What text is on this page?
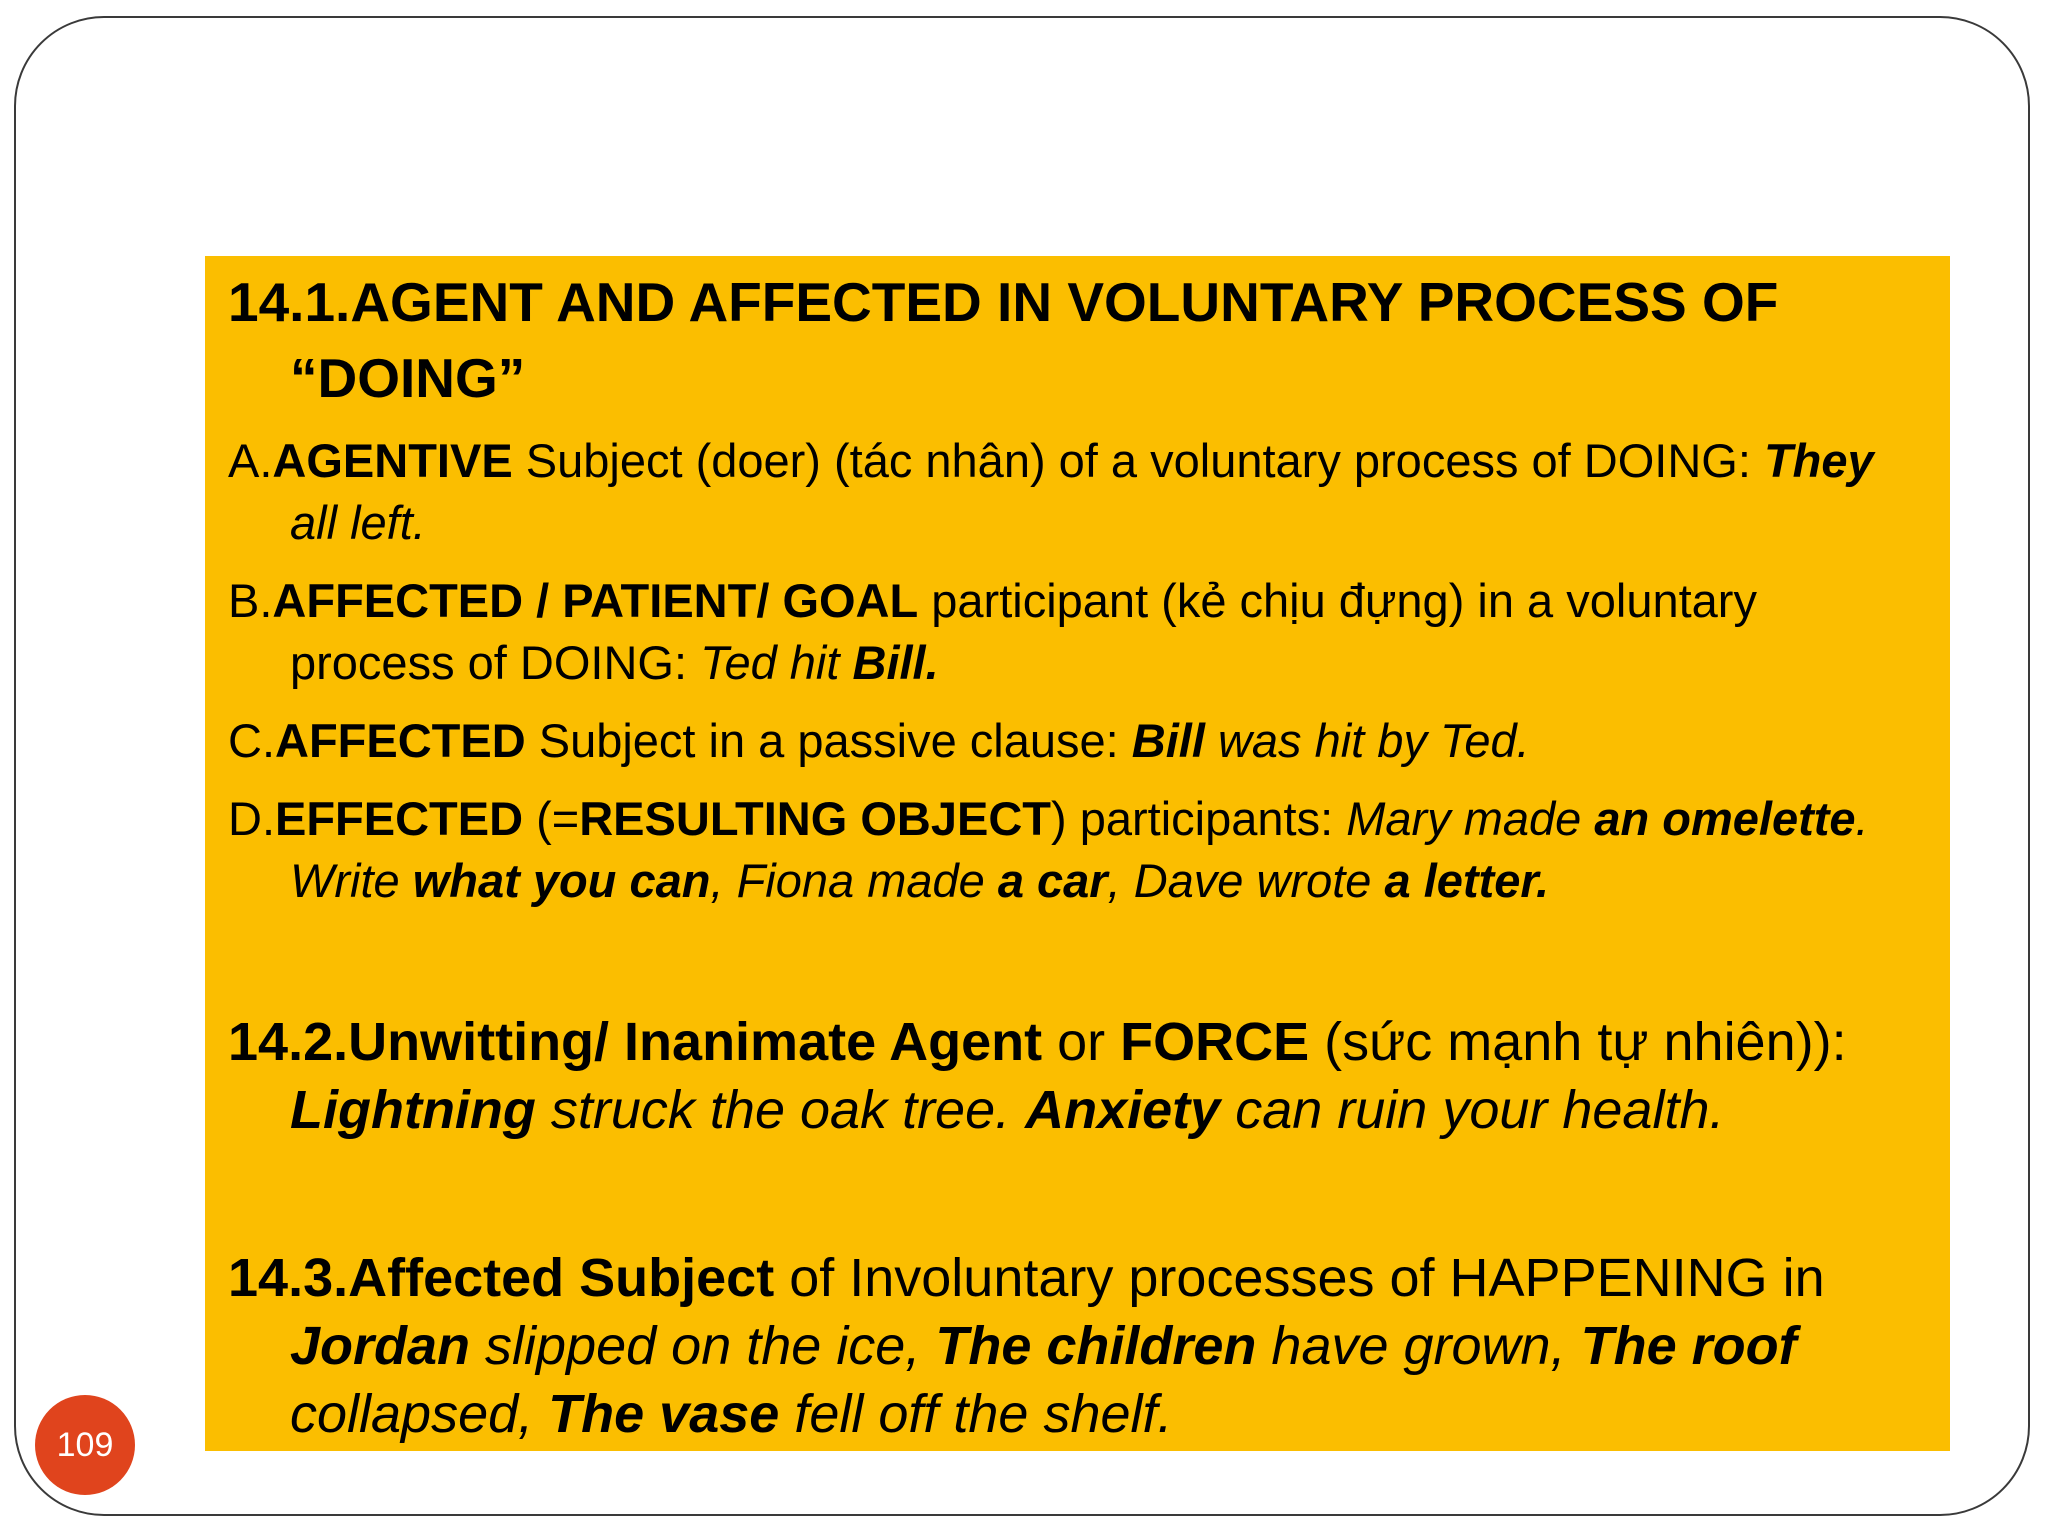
14.1.AGENT AND AFFECTED IN VOLUNTARY PROCESS OF
“DOING”
A.AGENTIVE Subject (doer) (tác nhân) of a voluntary process of DOING: They all left.
B.AFFECTED / PATIENT/ GOAL participant (kẻ chịu đựng) in a voluntary process of DOING: Ted hit Bill.
C.AFFECTED Subject in a passive clause: Bill was hit by Ted.
D.EFFECTED (=RESULTING OBJECT) participants: Mary made an omelette. Write what you can, Fiona made a car, Dave wrote a letter.
14.2.Unwitting/ Inanimate Agent or FORCE (sức mạnh tự nhiên)): Lightning struck the oak tree. Anxiety can ruin your health.
14.3.Affected Subject of Involuntary processes of HAPPENING in Jordan slipped on the ice, The children have grown, The roof collapsed, The vase fell off the shelf.
109
